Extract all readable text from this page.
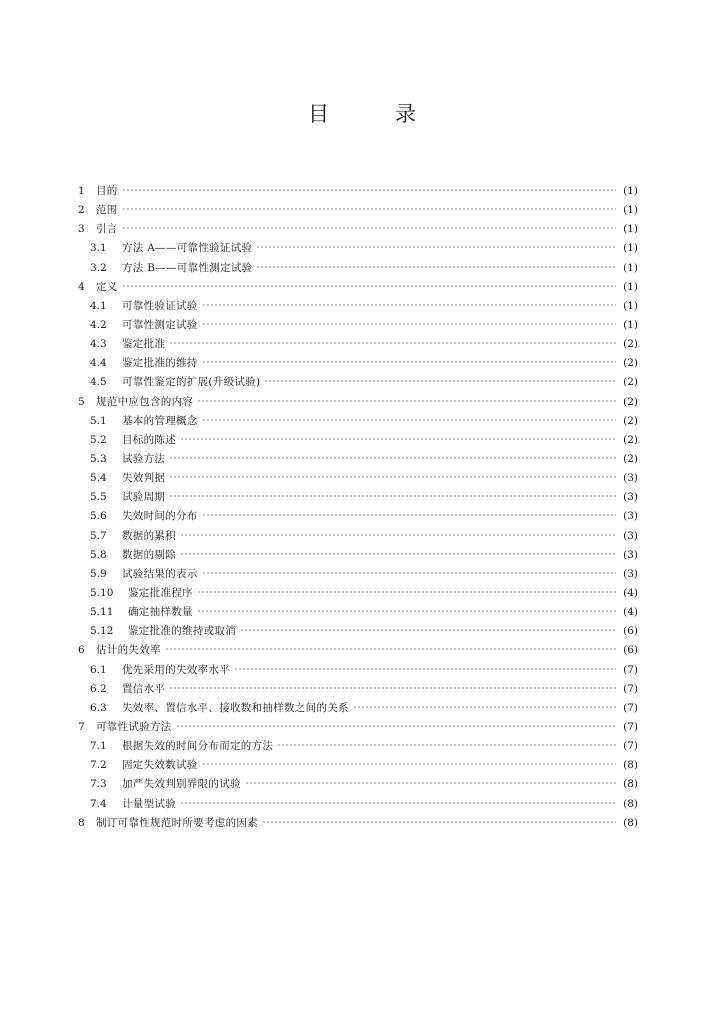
目	录
1	目的	(1)
2	范围	(1)
3	引言	(1)
3.1	方法 A——可靠性验证试验	(1)
3.2	方法 B——可靠性测定试验	(1)
4	定义	(1)
4.1	可靠性验证试验	(1)
4.2	可靠性测定试验	(1)
4.3	鉴定批准	(2)
4.4	鉴定批准的维持	(2)
4.5	可靠性鉴定的扩展(升级试验)	(2)
5	规范中应包含的内容	(2)
5.1	基本的管理概念	(2)
5.2	目标的陈述	(2)
5.3	试验方法	(2)
5.4	失效判据	(3)
5.5	试验周期	(3)
5.6	失效时间的分布	(3)
5.7	数据的累积	(3)
5.8	数据的剔除	(3)
5.9	试验结果的表示	(3)
5.10	鉴定批准程序	(4)
5.11	确定抽样数量	(4)
5.12	鉴定批准的维持或取消	(6)
6	估计的失效率	(6)
6.1	优先采用的失效率水平	(7)
6.2	置信水平	(7)
6.3	失效率、置信水平、接收数和抽样数之间的关系	(7)
7	可靠性试验方法	(7)
7.1	根据失效的时间分布而定的方法	(7)
7.2	固定失效数试验	(8)
7.3	加严失效判别界限的试验	(8)
7.4	计量型试验	(8)
8	制订可靠性规范时所要考虑的因素	(8)
